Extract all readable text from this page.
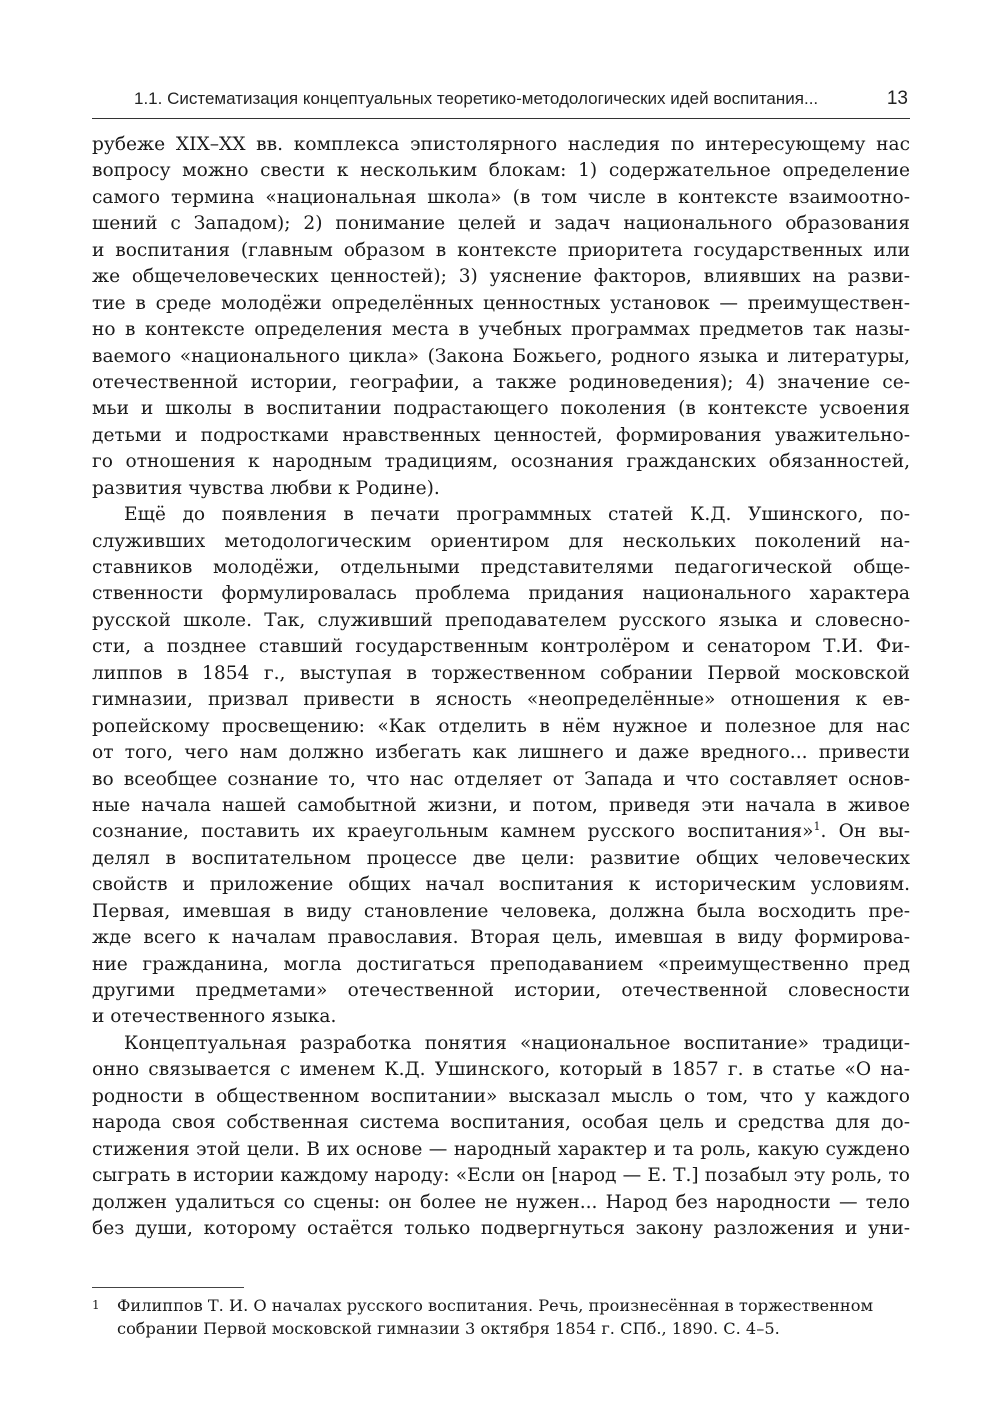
1.1. Систематизация концептуальных теоретико-методологических идей воспитания...	13
рубеже XIX–XX вв. комплекса эпистолярного наследия по интересующему нас
вопросу можно свести к нескольким блокам: 1) содержательное определение
самого термина «национальная школа» (в том числе в контексте взаимоотно-
шений с Западом); 2) понимание целей и задач национального образования
и воспитания (главным образом в контексте приоритета государственных или
же общечеловеческих ценностей); 3) уяснение факторов, влиявших на разви-
тие в среде молодёжи определённых ценностных установок — преимуществен-
но в контексте определения места в учебных программах предметов так назы-
ваемого «национального цикла» (Закона Божьего, родного языка и литературы,
отечественной истории, географии, а также родиноведения); 4) значение се-
мьи и школы в воспитании подрастающего поколения (в контексте усвоения
детьми и подростками нравственных ценностей, формирования уважительно-
го отношения к народным традициям, осознания гражданских обязанностей,
развития чувства любви к Родине).
Ещё до появления в печати программных статей К.Д. Ушинского, по-
служивших методологическим ориентиром для нескольких поколений на-
ставников молодёжи, отдельными представителями педагогической обще-
ственности формулировалась проблема придания национального характера
русской школе. Так, служивший преподавателем русского языка и словесно-
сти, а позднее ставший государственным контролёром и сенатором Т.И. Фи-
липпов в 1854 г., выступая в торжественном собрании Первой московской
гимназии, призвал привести в ясность «неопределённые» отношения к ев-
ропейскому просвещению: «Как отделить в нём нужное и полезное для нас
от того, чего нам должно избегать как лишнего и даже вредного... привести
во всеобщее сознание то, что нас отделяет от Запада и что составляет основ-
ные начала нашей самобытной жизни, и потом, приведя эти начала в живое
сознание, поставить их краеугольным камнем русского воспитания»$^1$. Он вы-
делял в воспитательном процессе две цели: развитие общих человеческих
свойств и приложение общих начал воспитания к историческим условиям.
Первая, имевшая в виду становление человека, должна была восходить пре-
жде всего к началам православия. Вторая цель, имевшая в виду формирова-
ние гражданина, могла достигаться преподаванием «преимущественно пред
другими предметами» отечественной истории, отечественной словесности
и отечественного языка.
Концептуальная разработка понятия «национальное воспитание» традици-
онно связывается с именем К.Д. Ушинского, который в 1857 г. в статье «О на-
родности в общественном воспитании» высказал мысль о том, что у каждого
народа своя собственная система воспитания, особая цель и средства для до-
стижения этой цели. В их основе — народный характер и та роль, какую суждено
сыграть в истории каждому народу: «Если он [народ — Е. Т.] позабыл эту роль, то
должен удалиться со сцены: он более не нужен... Народ без народности — тело
без души, которому остаётся только подвергнуться закону разложения и уни-
1 Филиппов Т. И. О началах русского воспитания. Речь, произнесённая в торжественном
собрании Первой московской гимназии 3 октября 1854 г. СПб., 1890. С. 4–5.
